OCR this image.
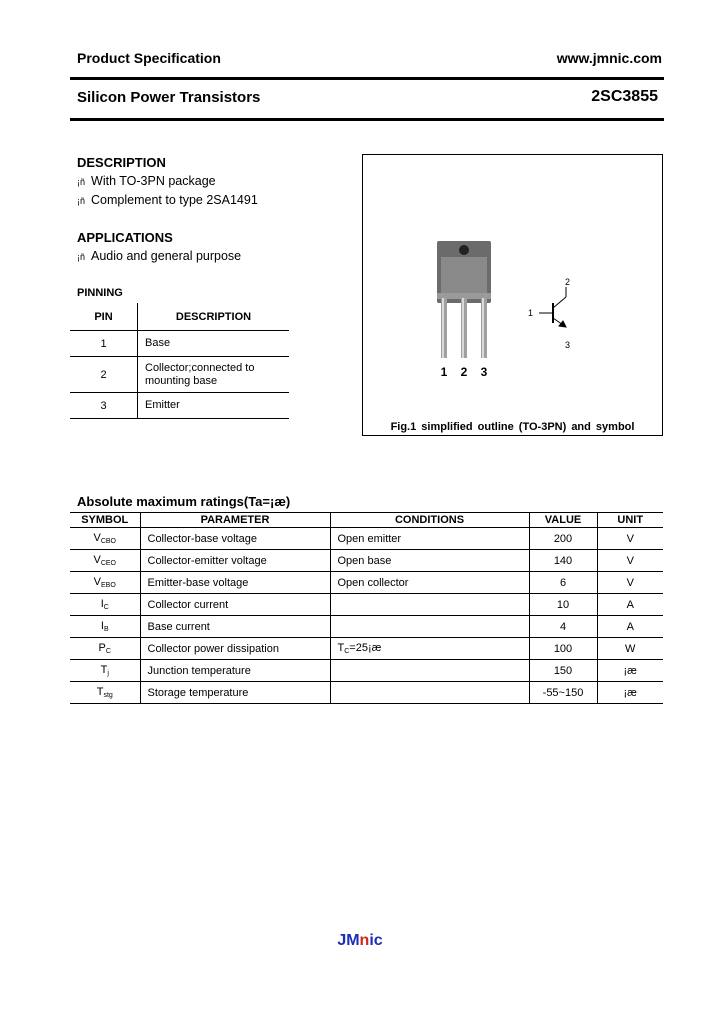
Product Specification	www.jmnic.com
Silicon Power Transistors	2SC3855
DESCRIPTION
¡ñ With TO-3PN package
¡ñ Complement to type 2SA1491
APPLICATIONS
¡ñ Audio and general purpose
PINNING
PIN	DESCRIPTION
1	Base
2	Collector;connected to
mounting base
3	Emitter
1 2 3
1
2
3
Fig.1 simplified outline (TO-3PN) and symbol
Absolute maximum ratings(Ta=¡æ)
SYMBOL	PARAMETER	CONDITIONS	VALUE	UNIT
$V_{CBO}$	Collector-base voltage	Open emitter	200	V
$V_{CEO}$	Collector-emitter voltage	Open base	140	V
$V_{EBO}$	Emitter-base voltage	Open collector	6	V
$I_C$	Collector current		10	A
$I_B$	Base current		4	A
$P_C$	Collector power dissipation	$T_C=25¡æ$	100	W
$T_j$	Junction temperature		150	¡æ
$T_{stg}$	Storage temperature		-55~150	¡æ
JMnic
